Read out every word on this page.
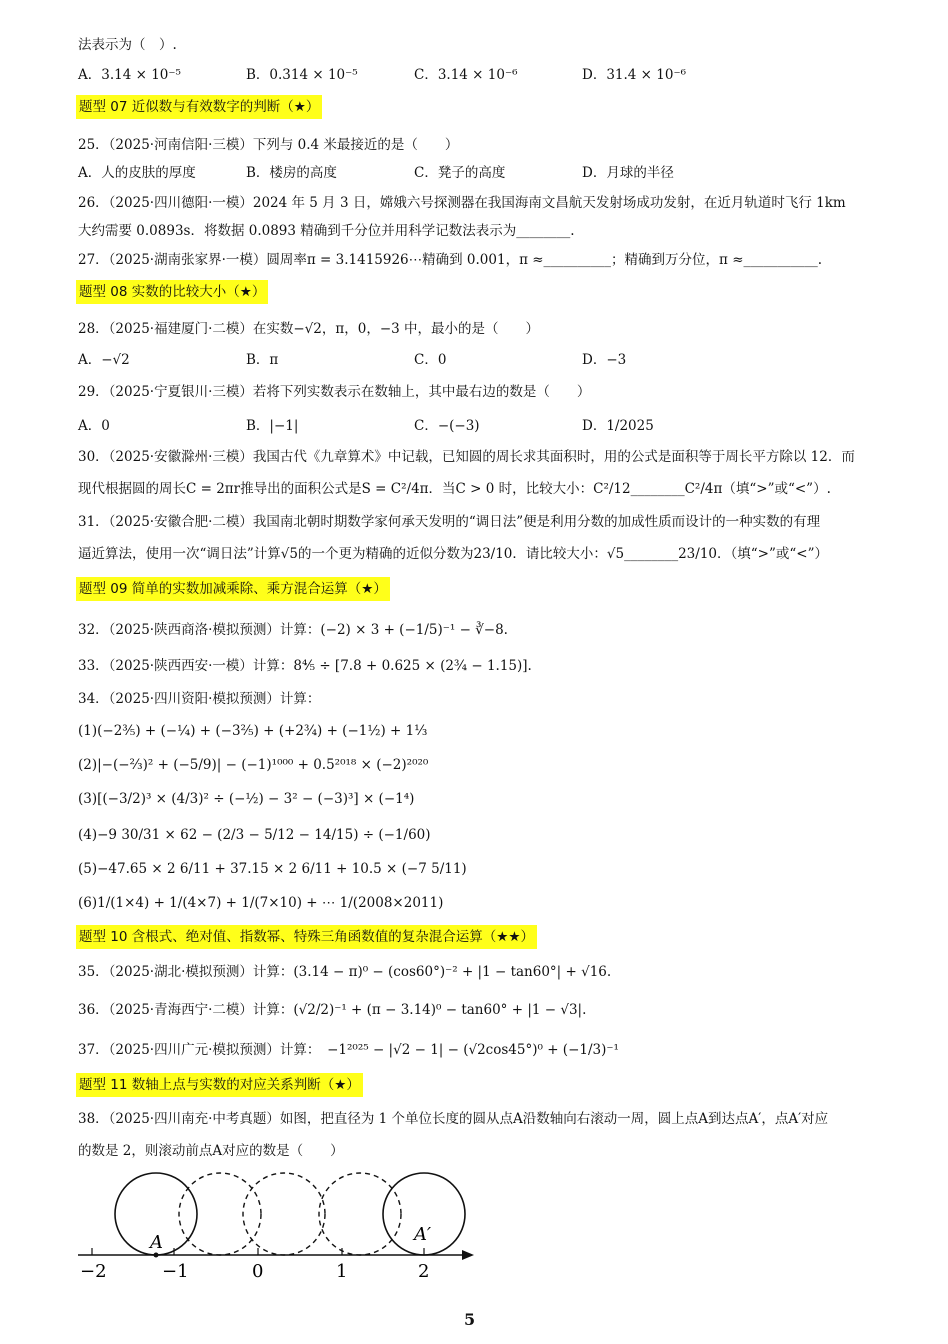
法表示为（　）.
A．3.14 × 10⁻⁵	B．0.314 × 10⁻⁵	C．3.14 × 10⁻⁶	D．31.4 × 10⁻⁶
题型 07 近似数与有效数字的判断（★）
25．（2025·河南信阳·三模）下列与 0.4 米最接近的是（　　）
A．人的皮肤的厚度	B．楼房的高度	C．凳子的高度	D．月球的半径
26．（2025·四川德阳·一模）2024 年 5 月 3 日，嫦娥六号探测器在我国海南文昌航天发射场成功发射，在近月轨道时飞行 1km
大约需要 0.0893s．将数据 0.0893 精确到千分位并用科学记数法表示为________.
27．（2025·湖南张家界·一模）圆周率π = 3.1415926⋯精确到 0.001，π ≈__________；精确到万分位，π ≈___________.
题型 08 实数的比较大小（★）
28．（2025·福建厦门·二模）在实数−√2，π，0，−3 中，最小的是（　　）
A．−√2	B．π	C．0	D．−3
29．（2025·宁夏银川·三模）若将下列实数表示在数轴上，其中最右边的数是（　　）
A．0	B．|−1|	C．−(−3)	D．1/2025
30．（2025·安徽滁州·三模）我国古代《九章算术》中记载，已知圆的周长求其面积时，用的公式是面积等于周长平方除以 12．而
现代根据圆的周长C = 2πr推导出的面积公式是S = C²/4π．当C > 0 时，比较大小：C²/12________C²/4π（填“>”或“<”）.
31．（2025·安徽合肥·二模）我国南北朝时期数学家何承天发明的“调日法”便是利用分数的加成性质而设计的一种实数的有理
逼近算法，使用一次“调日法”计算√5的一个更为精确的近似分数为23/10．请比较大小：√5________23/10．（填“>”或“<”）
题型 09 简单的实数加减乘除、乘方混合运算（★）
32．（2025·陕西商洛·模拟预测）计算：(−2) × 3 + (−1/5)⁻¹ − ∛−8.
33．（2025·陕西西安·一模）计算：8⅘ ÷ [7.8 + 0.625 × (2¾ − 1.15)].
34．（2025·四川资阳·模拟预测）计算：
(1)(−2⅗) + (−¼) + (−3⅖) + (+2¾) + (−1½) + 1⅓
(2)|−(−⅔)² + (−5/9)| − (−1)¹⁰⁰⁰ + 0.5²⁰¹⁸ × (−2)²⁰²⁰
(3)[(−3/2)³ × (4/3)² ÷ (−½) − 3² − (−3)³] × (−1⁴)
(4)−9 30/31 × 62 − (2/3 − 5/12 − 14/15) ÷ (−1/60)
(5)−47.65 × 2 6/11 + 37.15 × 2 6/11 + 10.5 × (−7 5/11)
(6)1/(1×4) + 1/(4×7) + 1/(7×10) + ⋯ 1/(2008×2011)
题型 10 含根式、绝对值、指数幂、特殊三角函数值的复杂混合运算（★★）
35．（2025·湖北·模拟预测）计算：(3.14 − π)⁰ − (cos60°)⁻² + |1 − tan60°| + √16.
36．（2025·青海西宁·二模）计算：(√2/2)⁻¹ + (π − 3.14)⁰ − tan60° + |1 − √3|.
37．（2025·四川广元·模拟预测）计算：　−1²⁰²⁵ − |√2 − 1| − (√2cos45°)⁰ + (−1/3)⁻¹
题型 11 数轴上点与实数的对应关系判断（★）
38．（2025·四川南充·中考真题）如图，把直径为 1 个单位长度的圆从点A沿数轴向右滚动一周，圆上点A到达点A′，点A′对应
的数是 2，则滚动前点A对应的数是（　　）
A	A′
−2	−1	0	1	2
5
